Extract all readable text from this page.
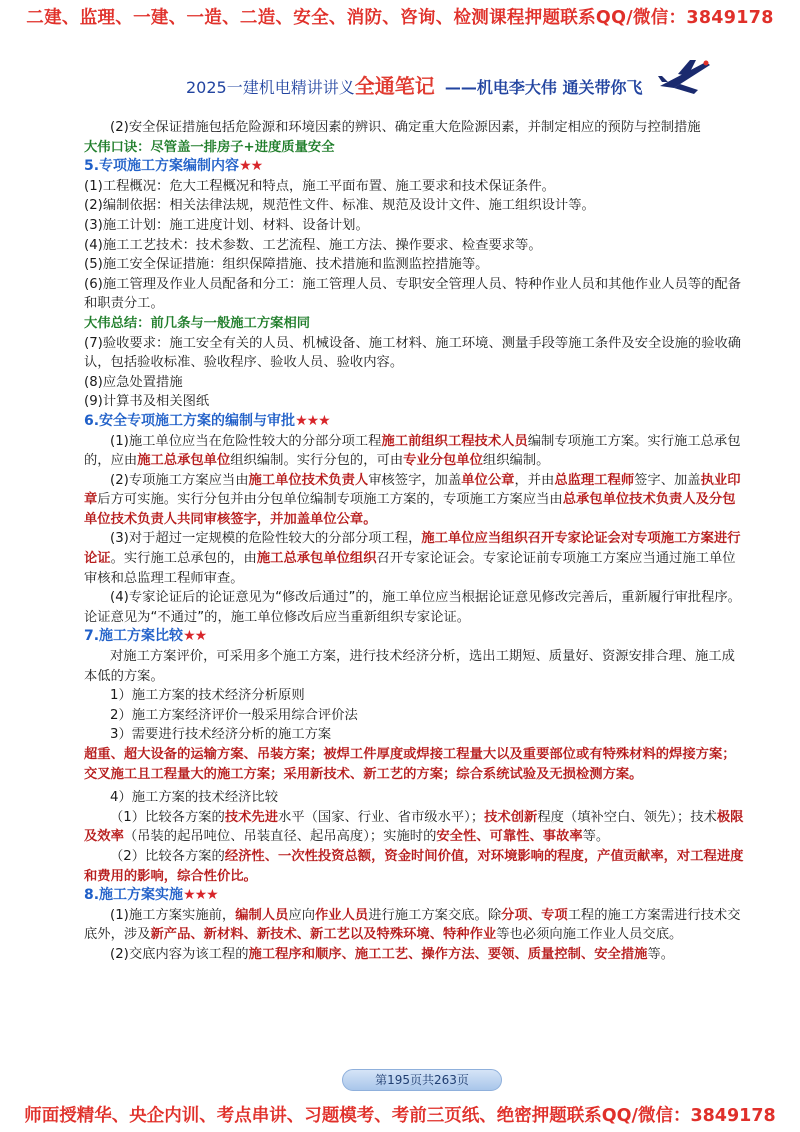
二建、监理、一建、一造、二造、安全、消防、咨询、检测课程押题联系QQ/微信：3849178
2025一建机电精讲讲义全通笔记 ——机电李大伟 通关带你飞

(2)安全保证措施包括危险源和环境因素的辨识、确定重大危险源因素，并制定相应的预防与控制措施

大伟口诀：尽管盖一排房子+进度质量安全

5.专项施工方案编制内容★★

(1)工程概况：危大工程概况和特点，施工平面布置、施工要求和技术保证条件。

(2)编制依据：相关法律法规，规范性文件、标准、规范及设计文件、施工组织设计等。

(3)施工计划：施工进度计划、材料、设备计划。

(4)施工工艺技术：技术参数、工艺流程、施工方法、操作要求、检查要求等。

(5)施工安全保证措施：组织保障措施、技术措施和监测监控措施等。

(6)施工管理及作业人员配备和分工：施工管理人员、专职安全管理人员、特种作业人员和其他作业人员等的配备和职责分工。

大伟总结：前几条与一般施工方案相同

(7)验收要求：施工安全有关的人员、机械设备、施工材料、施工环境、测量手段等施工条件及安全设施的验收确认，包括验收标准、验收程序、验收人员、验收内容。

(8)应急处置措施

(9)计算书及相关图纸

6.安全专项施工方案的编制与审批★★★

(1)施工单位应当在危险性较大的分部分项工程施工前组织工程技术人员编制专项施工方案。实行施工总承包的，应由施工总承包单位组织编制。实行分包的，可由专业分包单位组织编制。

(2)专项施工方案应当由施工单位技术负责人审核签字，加盖单位公章，并由总监理工程师签字、加盖执业印章后方可实施。实行分包并由分包单位编制专项施工方案的，专项施工方案应当由总承包单位技术负责人及分包单位技术负责人共同审核签字，并加盖单位公章。

(3)对于超过一定规模的危险性较大的分部分项工程，施工单位应当组织召开专家论证会对专项施工方案进行论证。实行施工总承包的，由施工总承包单位组织召开专家论证会。专家论证前专项施工方案应当通过施工单位审核和总监理工程师审查。

(4)专家论证后的论证意见为“修改后通过”的，施工单位应当根据论证意见修改完善后，重新履行审批程序。论证意见为“不通过”的，施工单位修改后应当重新组织专家论证。

7.施工方案比较★★

对施工方案评价，可采用多个施工方案，进行技术经济分析，选出工期短、质量好、资源安排合理、施工成本低的方案。

1）施工方案的技术经济分析原则

2）施工方案经济评价一般采用综合评价法

3）需要进行技术经济分析的施工方案

超重、超大设备的运输方案、吊装方案；被焊工件厚度或焊接工程量大以及重要部位或有特殊材料的焊接方案；交叉施工且工程量大的施工方案；采用新技术、新工艺的方案；综合系统试验及无损检测方案。

4）施工方案的技术经济比较

（1）比较各方案的技术先进水平（国家、行业、省市级水平）；技术创新程度（填补空白、领先）；技术极限及效率（吊装的起吊吨位、吊装直径、起吊高度）；实施时的安全性、可靠性、事故率等。

（2）比较各方案的经济性、一次性投资总额，资金时间价值，对环境影响的程度，产值贡献率，对工程进度和费用的影响，综合性价比。

8.施工方案实施★★★

(1)施工方案实施前，编制人员应向作业人员进行施工方案交底。除分项、专项工程的施工方案需进行技术交底外，涉及新产品、新材料、新技术、新工艺以及特殊环境、特种作业等也必须向施工作业人员交底。

(2)交底内容为该工程的施工程序和顺序、施工工艺、操作方法、要领、质量控制、安全措施等。

第195页共263页
师面授精华、央企内训、考点串讲、习题模考、考前三页纸、绝密押题联系QQ/微信：3849178
